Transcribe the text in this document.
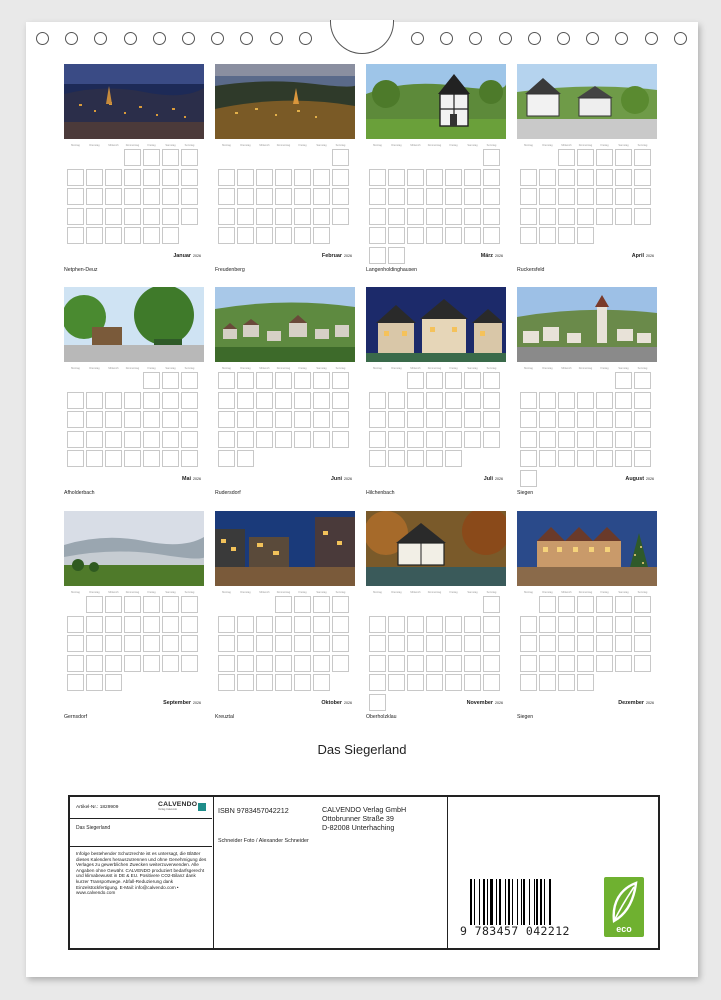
Montag	Dienstag	Mittwoch	Donnerstag	Freitag	Samstag	Sonntag
Januar 2026
Netphen-Deuz
Montag	Dienstag	Mittwoch	Donnerstag	Freitag	Samstag	Sonntag
Februar 2026
Freudenberg
Montag	Dienstag	Mittwoch	Donnerstag	Freitag	Samstag	Sonntag
März 2026
Langenholdinghausen
Montag	Dienstag	Mittwoch	Donnerstag	Freitag	Samstag	Sonntag
April 2026
Ruckersfeld
Montag	Dienstag	Mittwoch	Donnerstag	Freitag	Samstag	Sonntag
Mai 2026
Afholderbach
Montag	Dienstag	Mittwoch	Donnerstag	Freitag	Samstag	Sonntag
Juni 2026
Rudersdorf
Montag	Dienstag	Mittwoch	Donnerstag	Freitag	Samstag	Sonntag
Juli 2026
Hilchenbach
Montag	Dienstag	Mittwoch	Donnerstag	Freitag	Samstag	Sonntag
August 2026
Siegen
Montag	Dienstag	Mittwoch	Donnerstag	Freitag	Samstag	Sonntag
September 2026
Gernsdorf
Montag	Dienstag	Mittwoch	Donnerstag	Freitag	Samstag	Sonntag
Oktober 2026
Kreuztal
Montag	Dienstag	Mittwoch	Donnerstag	Freitag	Samstag	Sonntag
November 2026
Oberholzklau
Montag	Dienstag	Mittwoch	Donnerstag	Freitag	Samstag	Sonntag
Dezember 2026
Siegen
Das Siegerland
Artikel-Nr.: 1829909	CALVENDO
Verlag Calvendo
Das Siegerland
Infolge bestehender Schutzrechte ist es untersagt, die Blätter dieses Kalenders herauszutrennen und ohne Genehmigung des Verlages zu gewerblichen Zwecken weiterzuverwenden. Alle Angaben ohne Gewähr. CALVENDO produziert bedarfsgerecht und klimabewusst in DE & EU. Positivere CO2-Bilanz dank kurzer Transportwege. Abfall-Reduzierung dank Einzelstückfertigung. E-Mail: info@calvendo.com • www.calvendo.com
ISBN 9783457042212	CALVENDO Verlag GmbH
Ottobrunner Straße 39
D-82008 Unterhaching
Schneider Foto / Alexander Schneider
9 783457 042212	eco
